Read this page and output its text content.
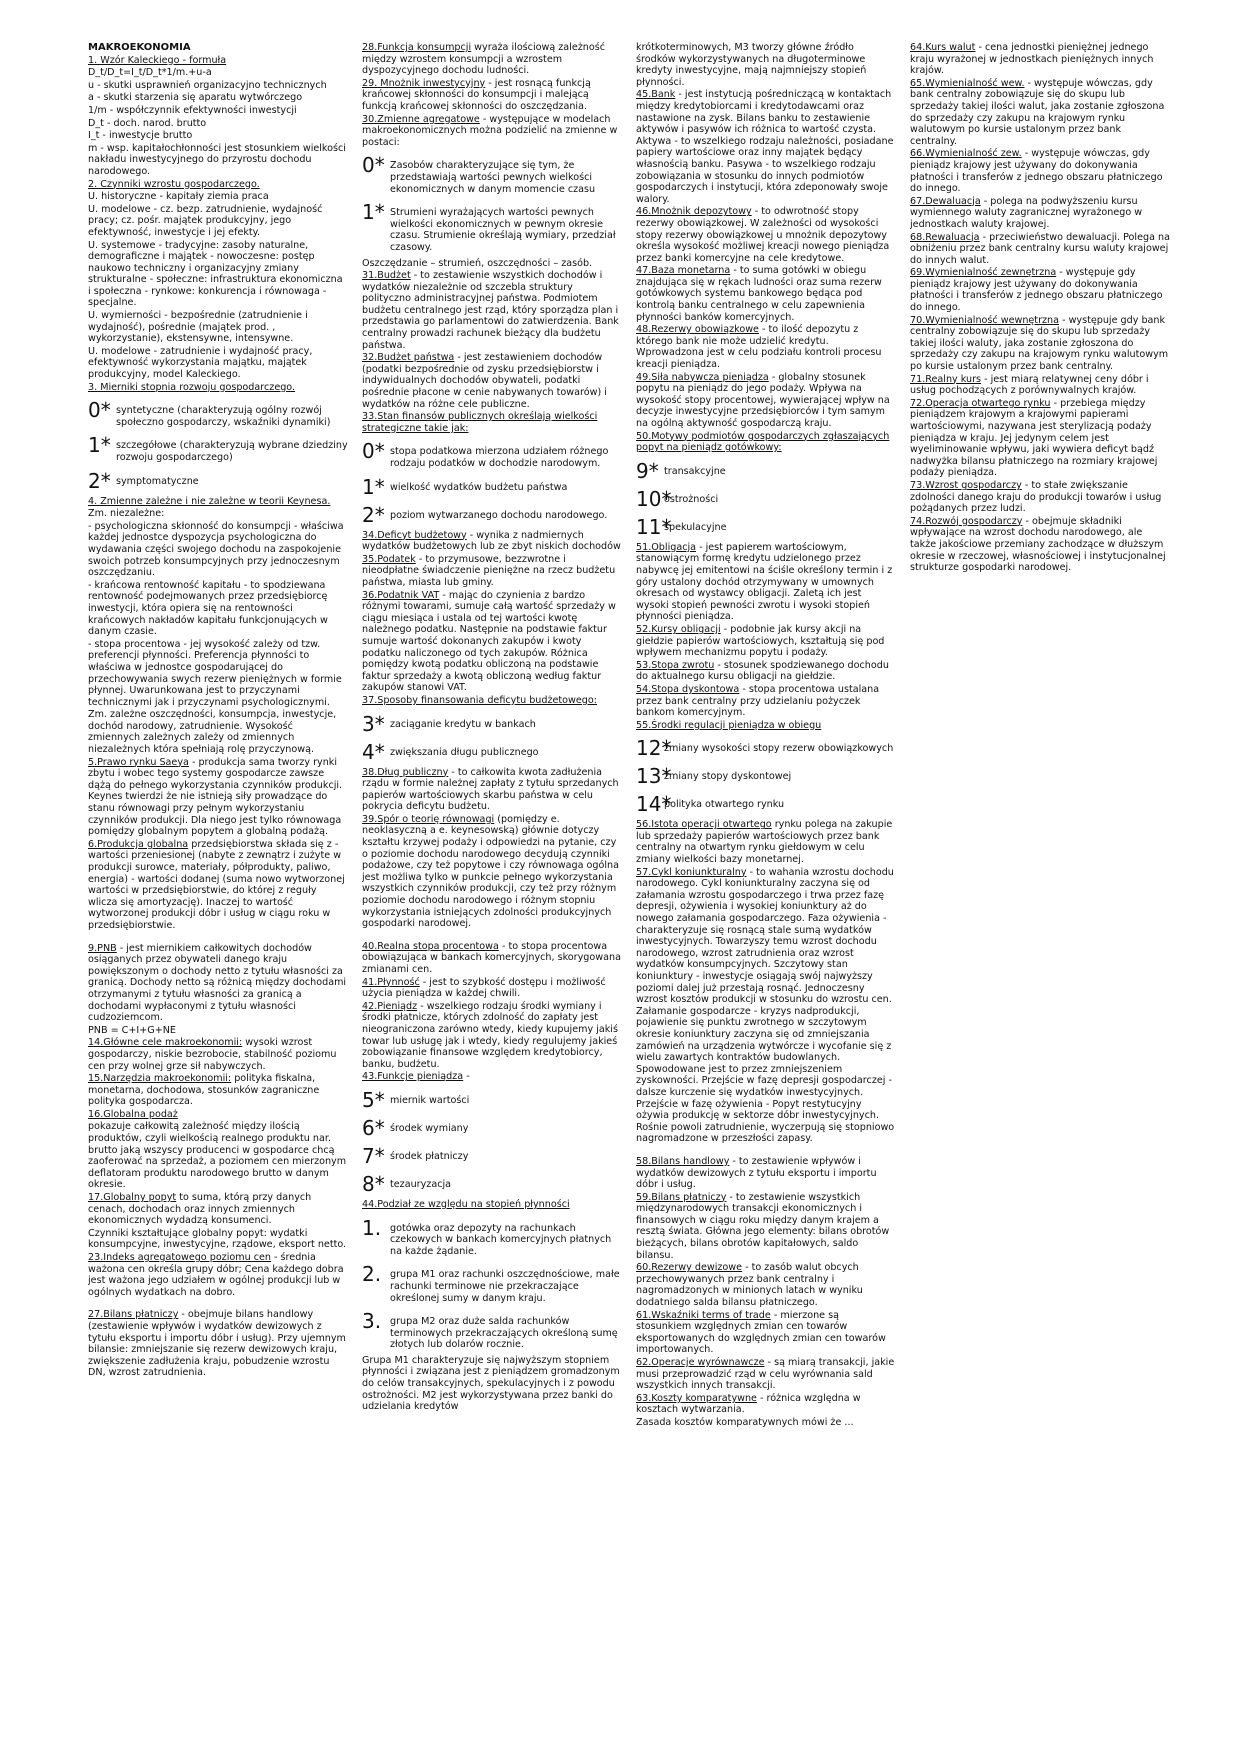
MAKROEKONOMIA

1. Wzór Kaleckiego - formuła

D_t/D_t=I_t/D_t*1/m.+u-a

u - skutki usprawnień organizacyjno technicznych

a - skutki starzenia się aparatu wytwórczego

1/m - współczynnik efektywności inwestycji

D_t - doch. narod. brutto

I_t - inwestycje brutto

m - wsp. kapitałochłonności jest stosunkiem wielkości nakładu inwestycyjnego do przyrostu dochodu narodowego.

2. Czynniki wzrostu gospodarczego.

U. historyczne - kapitały ziemia praca

U. modelowe - cz. bezp. zatrudnienie, wydajność pracy; cz. pośr. majątek produkcyjny, jego efektywność, inwestycje i jej efekty.

U. systemowe - tradycyjne: zasoby naturalne, demograficzne i majątek - nowoczesne: postęp naukowo techniczny i organizacyjny zmiany strukturalne - społeczne: infrastruktura ekonomiczna i społeczna - rynkowe: konkurencja i równowaga - specjalne.

U. wymierności - bezpośrednie (zatrudnienie i wydajność), pośrednie (majątek prod. , wykorzystanie), ekstensywne, intensywne.

U. modelowe - zatrudnienie i wydajność pracy, efektywność wykorzystania majątku, majątek produkcyjny, model Kaleckiego.

3. Mierniki stopnia rozwoju gospodarczego.

0* syntetyczne (charakteryzują ogólny rozwój społeczno gospodarczy, wskaźniki dynamiki)
1* szczegółowe (charakteryzują wybrane dziedziny rozwoju gospodarczego)
2* symptomatyczne

4. Zmienne zależne i nie zależne w teorii Keynesa.

Zm. niezależne:

- psychologiczna skłonność do konsumpcji - właściwa każdej jednostce dyspozycja psychologiczna do wydawania części swojego dochodu na zaspokojenie swoich potrzeb konsumpcyjnych przy jednoczesnym oszczędzaniu.

- krańcowa rentowność kapitału - to spodziewana rentowność podejmowanych przez przedsiębiorcę inwestycji, która opiera się na rentowności krańcowych nakładów kapitału funkcjonujących w danym czasie.

- stopa procentowa - jej wysokość zależy od tzw. preferencji płynności. Preferencja płynności to właściwa w jednostce gospodarującej do przechowywania swych rezerw pieniężnych w formie płynnej. Uwarunkowana jest to przyczynami technicznymi jak i przyczynami psychologicznymi.

Zm. zależne oszczędności, konsumpcja, inwestycje, dochód narodowy, zatrudnienie. Wysokość zmiennych zależnych zależy od zmiennych niezależnych która spełniają rolę przyczynową.

5.Prawo rynku Saeya - produkcja sama tworzy rynki zbytu i wobec tego systemy gospodarcze zawsze dążą do pełnego wykorzystania czynników produkcji. Keynes twierdzi że nie istnieją siły prowadzące do stanu równowagi przy pełnym wykorzystaniu czynników produkcji. Dla niego jest tylko równowaga pomiędzy globalnym popytem a globalną podażą.

6.Produkcja globalna przedsiębiorstwa składa się z - wartości przeniesionej (nabyte z zewnątrz i zużyte w produkcji surowce, materiały, półprodukty, paliwo, energia) - wartości dodanej (suma nowo wytworzonej wartości w przedsiębiorstwie, do której z reguły wlicza się amortyzację). Inaczej to wartość wytworzonej produkcji dóbr i usług w ciągu roku w przedsiębiorstwie.

9.PNB - jest miernikiem całkowitych dochodów osiąganych przez obywateli danego kraju powiększonym o dochody netto z tytułu własności za granicą. Dochody netto są różnicą między dochodami otrzymanymi z tytułu własności za granicą a dochodami wypłaconymi z tytułu własności cudzoziemcom.

PNB = C+I+G+NE

14.Główne cele makroekonomii: wysoki wzrost gospodarczy, niskie bezrobocie, stabilność poziomu cen przy wolnej grze sił nabywczych.

15.Narzędzia makroekonomii: polityka fiskalna, monetarna, dochodowa, stosunków zagraniczne polityka gospodarcza.

16.Globalna podaż

pokazuje całkowitą zależność między ilością produktów, czyli wielkością realnego produktu nar. brutto jaką wszyscy producenci w gospodarce chcą zaoferować na sprzedaż, a poziomem cen mierzonym deflatoram produktu narodowego brutto w danym okresie.

17.Globalny popyt to suma, którą przy danych cenach, dochodach oraz innych zmiennych ekonomicznych wydadzą konsumenci.

Czynniki kształtujące globalny popyt: wydatki konsumpcyjne, inwestycyjne, rządowe, eksport netto.

23.Indeks agregatowego poziomu cen - średnia ważona cen określa grupy dóbr; Cena każdego dobra jest ważona jego udziałem w ogólnej produkcji lub w ogólnych wydatkach na dobro.

27.Bilans płatniczy - obejmuje bilans handlowy (zestawienie wpływów i wydatków dewizowych z tytułu eksportu i importu dóbr i usług). Przy ujemnym bilansie: zmniejszanie się rezerw dewizowych kraju, zwiększenie zadłużenia kraju, pobudzenie wzrostu DN, wzrost zatrudnienia.

28.Funkcja konsumpcji wyraża ilościową zależność między wzrostem konsumpcji a wzrostem dyspozycyjnego dochodu ludności.

29. Mnożnik inwestycyjny - jest rosnącą funkcją krańcowej skłonności do konsumpcji i malejącą funkcją krańcowej skłonności do oszczędzania.

30.Zmienne agregatowe - występujące w modelach makroekonomicznych można podzielić na zmienne w postaci:

0* Zasobów charakteryzujące się tym, że przedstawiają wartości pewnych wielkości ekonomicznych w danym momencie czasu
1* Strumieni wyrażających wartości pewnych wielkości ekonomicznych w pewnym okresie czasu. Strumienie określają wymiary, przedział czasowy.

Oszczędzanie – strumień, oszczędności – zasób.

31.Budżet - to zestawienie wszystkich dochodów i wydatków niezależnie od szczebla struktury polityczno administracyjnej państwa. Podmiotem budżetu centralnego jest rząd, który sporządza plan i przedstawia go parlamentowi do zatwierdzenia. Bank centralny prowadzi rachunek bieżący dla budżetu państwa.

32.Budżet państwa - jest zestawieniem dochodów (podatki bezpośrednie od zysku przedsiębiorstw i indywidualnych dochodów obywateli, podatki pośrednie płacone w cenie nabywanych towarów) i wydatków na różne cele publiczne.

33.Stan finansów publicznych określają wielkości strategiczne takie jak:

0* stopa podatkowa mierzona udziałem różnego rodzaju podatków w dochodzie narodowym.
1* wielkość wydatków budżetu państwa
2* poziom wytwarzanego dochodu narodowego.

34.Deficyt budżetowy - wynika z nadmiernych wydatków budżetowych lub ze zbyt niskich dochodów

35.Podatek - to przymusowe, bezzwrotne i nieodpłatne świadczenie pieniężne na rzecz budżetu państwa, miasta lub gminy.

36.Podatnik VAT - mając do czynienia z bardzo różnymi towarami, sumuje całą wartość sprzedaży w ciągu miesiąca i ustala od tej wartości kwotę należnego podatku. Następnie na podstawie faktur sumuje wartość dokonanych zakupów i kwoty podatku naliczonego od tych zakupów. Różnica pomiędzy kwotą podatku obliczoną na podstawie faktur sprzedaży a kwotą obliczoną według faktur zakupów stanowi VAT.

37.Sposoby finansowania deficytu budżetowego:

3* zaciąganie kredytu w bankach
4* zwiększania długu publicznego

38.Dług publiczny - to całkowita kwota zadłużenia rządu w formie należnej zapłaty z tytułu sprzedanych papierów wartościowych skarbu państwa w celu pokrycia deficytu budżetu.

39.Spór o teorię równowagi (pomiędzy e. neoklasyczną a e. keynesowską) głównie dotyczy kształtu krzywej podaży i odpowiedzi na pytanie, czy o poziomie dochodu narodowego decydują czynniki podażowe, czy też popytowe i czy równowaga ogólna jest możliwa tylko w punkcie pełnego wykorzystania wszystkich czynników produkcji, czy też przy różnym poziomie dochodu narodowego i różnym stopniu wykorzystania istniejących zdolności produkcyjnych gospodarki narodowej.

40.Realna stopa procentowa - to stopa procentowa obowiązująca w bankach komercyjnych, skorygowana zmianami cen.

41.Płynność - jest to szybkość dostępu i możliwość użycia pieniądza w każdej chwili.

42.Pieniądz - wszelkiego rodzaju środki wymiany i środki płatnicze, których zdolność do zapłaty jest nieograniczona zarówno wtedy, kiedy kupujemy jakiś towar lub usługę jak i wtedy, kiedy regulujemy jakieś zobowiązanie finansowe względem kredytobiorcy, banku, budżetu.

43.Funkcje pieniądza -

5* miernik wartości
6* środek wymiany
7* środek płatniczy
8* tezauryzacja

44.Podział ze względu na stopień płynności

1. gotówka oraz depozyty na rachunkach czekowych w bankach komercyjnych płatnych na każde żądanie.
2. grupa M1 oraz rachunki oszczędnościowe, małe rachunki terminowe nie przekraczające określonej sumy w danym kraju.
3. grupa M2 oraz duże salda rachunków terminowych przekraczających określoną sumę złotych lub dolarów rocznie.

Grupa M1 charakteryzuje się najwyższym stopniem płynności i związana jest z pieniądzem gromadzonym do celów transakcyjnych, spekulacyjnych i z powodu ostrożności. M2 jest wykorzystywana przez banki do udzielania kredytów

krótkoterminowych, M3 tworzy główne źródło środków wykorzystywanych na długoterminowe kredyty inwestycyjne, mają najmniejszy stopień płynności.

45.Bank - jest instytucją pośredniczącą w kontaktach między kredytobiorcami i kredytodawcami oraz nastawione na zysk. Bilans banku to zestawienie aktywów i pasywów ich różnica to wartość czysta. Aktywa - to wszelkiego rodzaju należności, posiadane papiery wartościowe oraz inny majątek będący własnością banku. Pasywa - to wszelkiego rodzaju zobowiązania w stosunku do innych podmiotów gospodarczych i instytucji, która zdeponowały swoje walory.

46.Mnożnik depozytowy - to odwrotność stopy rezerwy obowiązkowej. W zależności od wysokości stopy rezerwy obowiązkowej u mnożnik depozytowy określa wysokość możliwej kreacji nowego pieniądza przez banki komercyjne na cele kredytowe.

47.Baza monetarna - to suma gotówki w obiegu znajdująca się w rękach ludności oraz suma rezerw gotówkowych systemu bankowego będąca pod kontrolą banku centralnego w celu zapewnienia płynności banków komercyjnych.

48.Rezerwy obowiązkowe - to ilość depozytu z którego bank nie może udzielić kredytu. Wprowadzona jest w celu podziału kontroli procesu kreacji pieniądza.

49.Siła nabywcza pieniądza - globalny stosunek popytu na pieniądz do jego podaży. Wpływa na wysokość stopy procentowej, wywierającej wpływ na decyzje inwestycyjne przedsiębiorców i tym samym na ogólną aktywność gospodarczą kraju.

50.Motywy podmiotów gospodarczych zgłaszających popyt na pieniądz gotówkowy:

9* transakcyjne
10*
ostrożności
11*
spekulacyjne

51.Obligacja - jest papierem wartościowym, stanowiącym formę kredytu udzielonego przez nabywcę jej emitentowi na ściśle określony termin i z góry ustalony dochód otrzymywany w umownych okresach od wystawcy obligacji. Zaletą ich jest wysoki stopień pewności zwrotu i wysoki stopień płynności pieniądza.

52.Kursy obligacji - podobnie jak kursy akcji na giełdzie papierów wartościowych, kształtują się pod wpływem mechanizmu popytu i podaży.

53.Stopa zwrotu - stosunek spodziewanego dochodu do aktualnego kursu obligacji na giełdzie.

54.Stopa dyskontowa - stopa procentowa ustalana przez bank centralny przy udzielaniu pożyczek bankom komercyjnym.

55.Środki regulacji pieniądza w obiegu

12*
zmiany wysokości stopy rezerw obowiązkowych
13*
zmiany stopy dyskontowej
14*
polityka otwartego rynku

56.Istota operacji otwartego rynku polega na zakupie lub sprzedaży papierów wartościowych przez bank centralny na otwartym rynku giełdowym w celu zmiany wielkości bazy monetarnej.

57.Cykl koniunkturalny - to wahania wzrostu dochodu narodowego. Cykl koniunkturalny zaczyna się od załamania wzrostu gospodarczego i trwa przez fazę depresji, ożywienia i wysokiej koniunktury aż do nowego załamania gospodarczego. Faza ożywienia - charakteryzuje się rosnącą stale sumą wydatków inwestycyjnych. Towarzyszy temu wzrost dochodu narodowego, wzrost zatrudnienia oraz wzrost wydatków konsumpcyjnych. Szczytowy stan koniunktury - inwestycje osiągają swój najwyższy poziomi dalej już przestają rosnąć. Jednoczesny wzrost kosztów produkcji w stosunku do wzrostu cen. Załamanie gospodarcze - kryzys nadprodukcji, pojawienie się punktu zwrotnego w szczytowym okresie koniunktury zaczyna się od zmniejszania zamówień na urządzenia wytwórcze i wycofanie się z wielu zawartych kontraktów budowlanych. Spowodowane jest to przez zmniejszeniem zyskowności. Przejście w fazę depresji gospodarczej - dalsze kurczenie się wydatków inwestycyjnych. Przejście w fazę ożywienia - Popyt restytucyjny ożywia produkcję w sektorze dóbr inwestycyjnych. Rośnie powoli zatrudnienie, wyczerpują się stopniowo nagromadzone w przeszłości zapasy.

58.Bilans handlowy - to zestawienie wpływów i wydatków dewizowych z tytułu eksportu i importu dóbr i usług.

59.Bilans płatniczy - to zestawienie wszystkich międzynarodowych transakcji ekonomicznych i finansowych w ciągu roku między danym krajem a resztą świata. Główna jego elementy: bilans obrotów bieżących, bilans obrotów kapitałowych, saldo bilansu.

60.Rezerwy dewizowe - to zasób walut obcych przechowywanych przez bank centralny i nagromadzonych w minionych latach w wyniku dodatniego salda bilansu płatniczego.

61.Wskaźniki terms of trade - mierzone są stosunkiem względnych zmian cen towarów eksportowanych do względnych zmian cen towarów importowanych.

62.Operacje wyrównawcze - są miarą transakcji, jakie musi przeprowadzić rząd w celu wyrównania sald wszystkich innych transakcji.

63.Koszty komparatywne - różnica względna w kosztach wytwarzania.

Zasada kosztów komparatywnych mówi że ...

64.Kurs walut - cena jednostki pieniężnej jednego kraju wyrażonej w jednostkach pieniężnych innych krajów.

65.Wymienialność wew. - występuje wówczas, gdy bank centralny zobowiązuje się do skupu lub sprzedaży takiej ilości walut, jaka zostanie zgłoszona do sprzedaży czy zakupu na krajowym rynku walutowym po kursie ustalonym przez bank centralny.

66.Wymienialność zew. - występuje wówczas, gdy pieniądz krajowy jest używany do dokonywania płatności i transferów z jednego obszaru płatniczego do innego.

67.Dewaluacja - polega na podwyższeniu kursu wymiennego waluty zagranicznej wyrażonego w jednostkach waluty krajowej.

68.Rewaluacja - przeciwieństwo dewaluacji. Polega na obniżeniu przez bank centralny kursu waluty krajowej do innych walut.

69.Wymienialność zewnętrzna - występuje gdy pieniądz krajowy jest używany do dokonywania płatności i transferów z jednego obszaru płatniczego do innego.

70.Wymienialność wewnętrzna - występuje gdy bank centralny zobowiązuje się do skupu lub sprzedaży takiej ilości waluty, jaka zostanie zgłoszona do sprzedaży czy zakupu na krajowym rynku walutowym po kursie ustalonym przez bank centralny.

71.Realny kurs - jest miarą relatywnej ceny dóbr i usług pochodzących z porównywalnych krajów.

72.Operacja otwartego rynku - przebiega między pieniądzem krajowym a krajowymi papierami wartościowymi, nazywana jest sterylizacją podaży pieniądza w kraju. Jej jedynym celem jest wyeliminowanie wpływu, jaki wywiera deficyt bądź nadwyżka bilansu płatniczego na rozmiary krajowej podaży pieniądza.

73.Wzrost gospodarczy - to stałe zwiększanie zdolności danego kraju do produkcji towarów i usług pożądanych przez ludzi.

74.Rozwój gospodarczy - obejmuje składniki wpływające na wzrost dochodu narodowego, ale także jakościowe przemiany zachodzące w dłuższym okresie w rzeczowej, własnościowej i instytucjonalnej strukturze gospodarki narodowej.
